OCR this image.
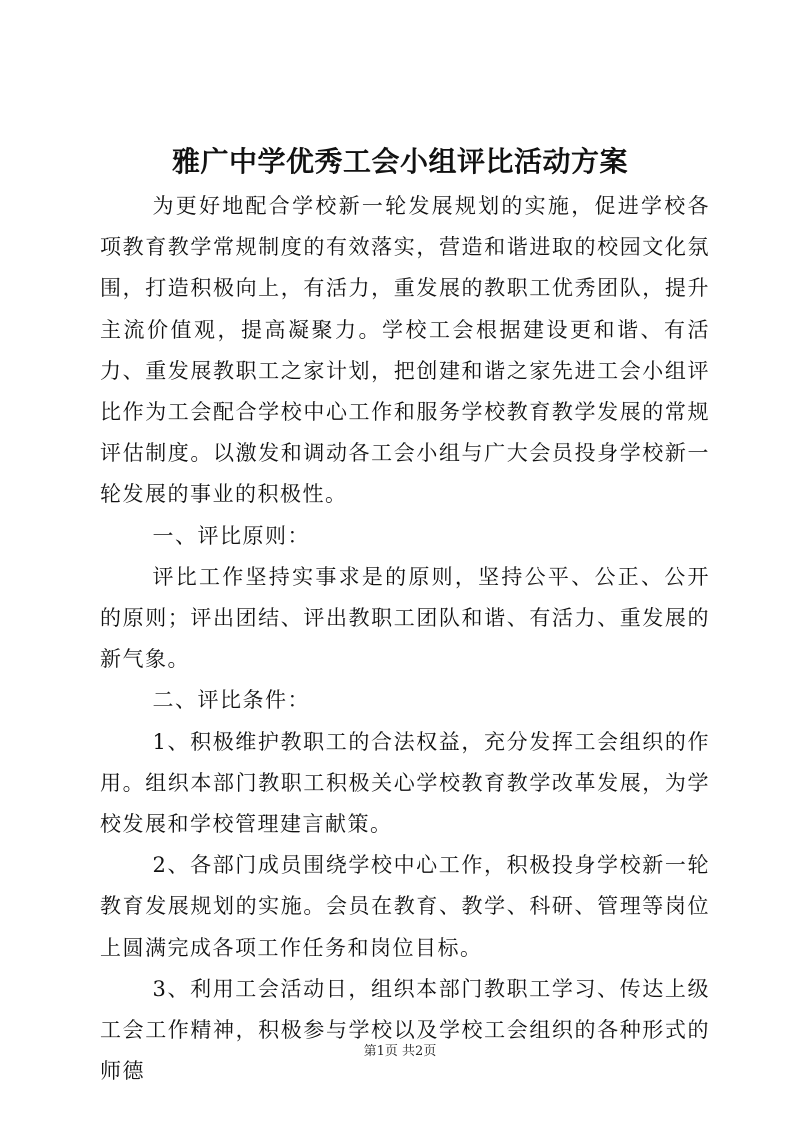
雅广中学优秀工会小组评比活动方案

为更好地配合学校新一轮发展规划的实施，促进学校各项教育教学常规制度的有效落实，营造和谐进取的校园文化氛围，打造积极向上，有活力，重发展的教职工优秀团队，提升主流价值观，提高凝聚力。学校工会根据建设更和谐、有活力、重发展教职工之家计划，把创建和谐之家先进工会小组评比作为工会配合学校中心工作和服务学校教育教学发展的常规评估制度。以激发和调动各工会小组与广大会员投身学校新一轮发展的事业的积极性。

一、评比原则：

评比工作坚持实事求是的原则，坚持公平、公正、公开的原则；评出团结、评出教职工团队和谐、有活力、重发展的新气象。

二、评比条件：

1、积极维护教职工的合法权益，充分发挥工会组织的作用。组织本部门教职工积极关心学校教育教学改革发展，为学校发展和学校管理建言献策。

2、各部门成员围绕学校中心工作，积极投身学校新一轮教育发展规划的实施。会员在教育、教学、科研、管理等岗位上圆满完成各项工作任务和岗位目标。

3、利用工会活动日，组织本部门教职工学习、传达上级工会工作精神，积极参与学校以及学校工会组织的各种形式的师德

第1页 共2页
